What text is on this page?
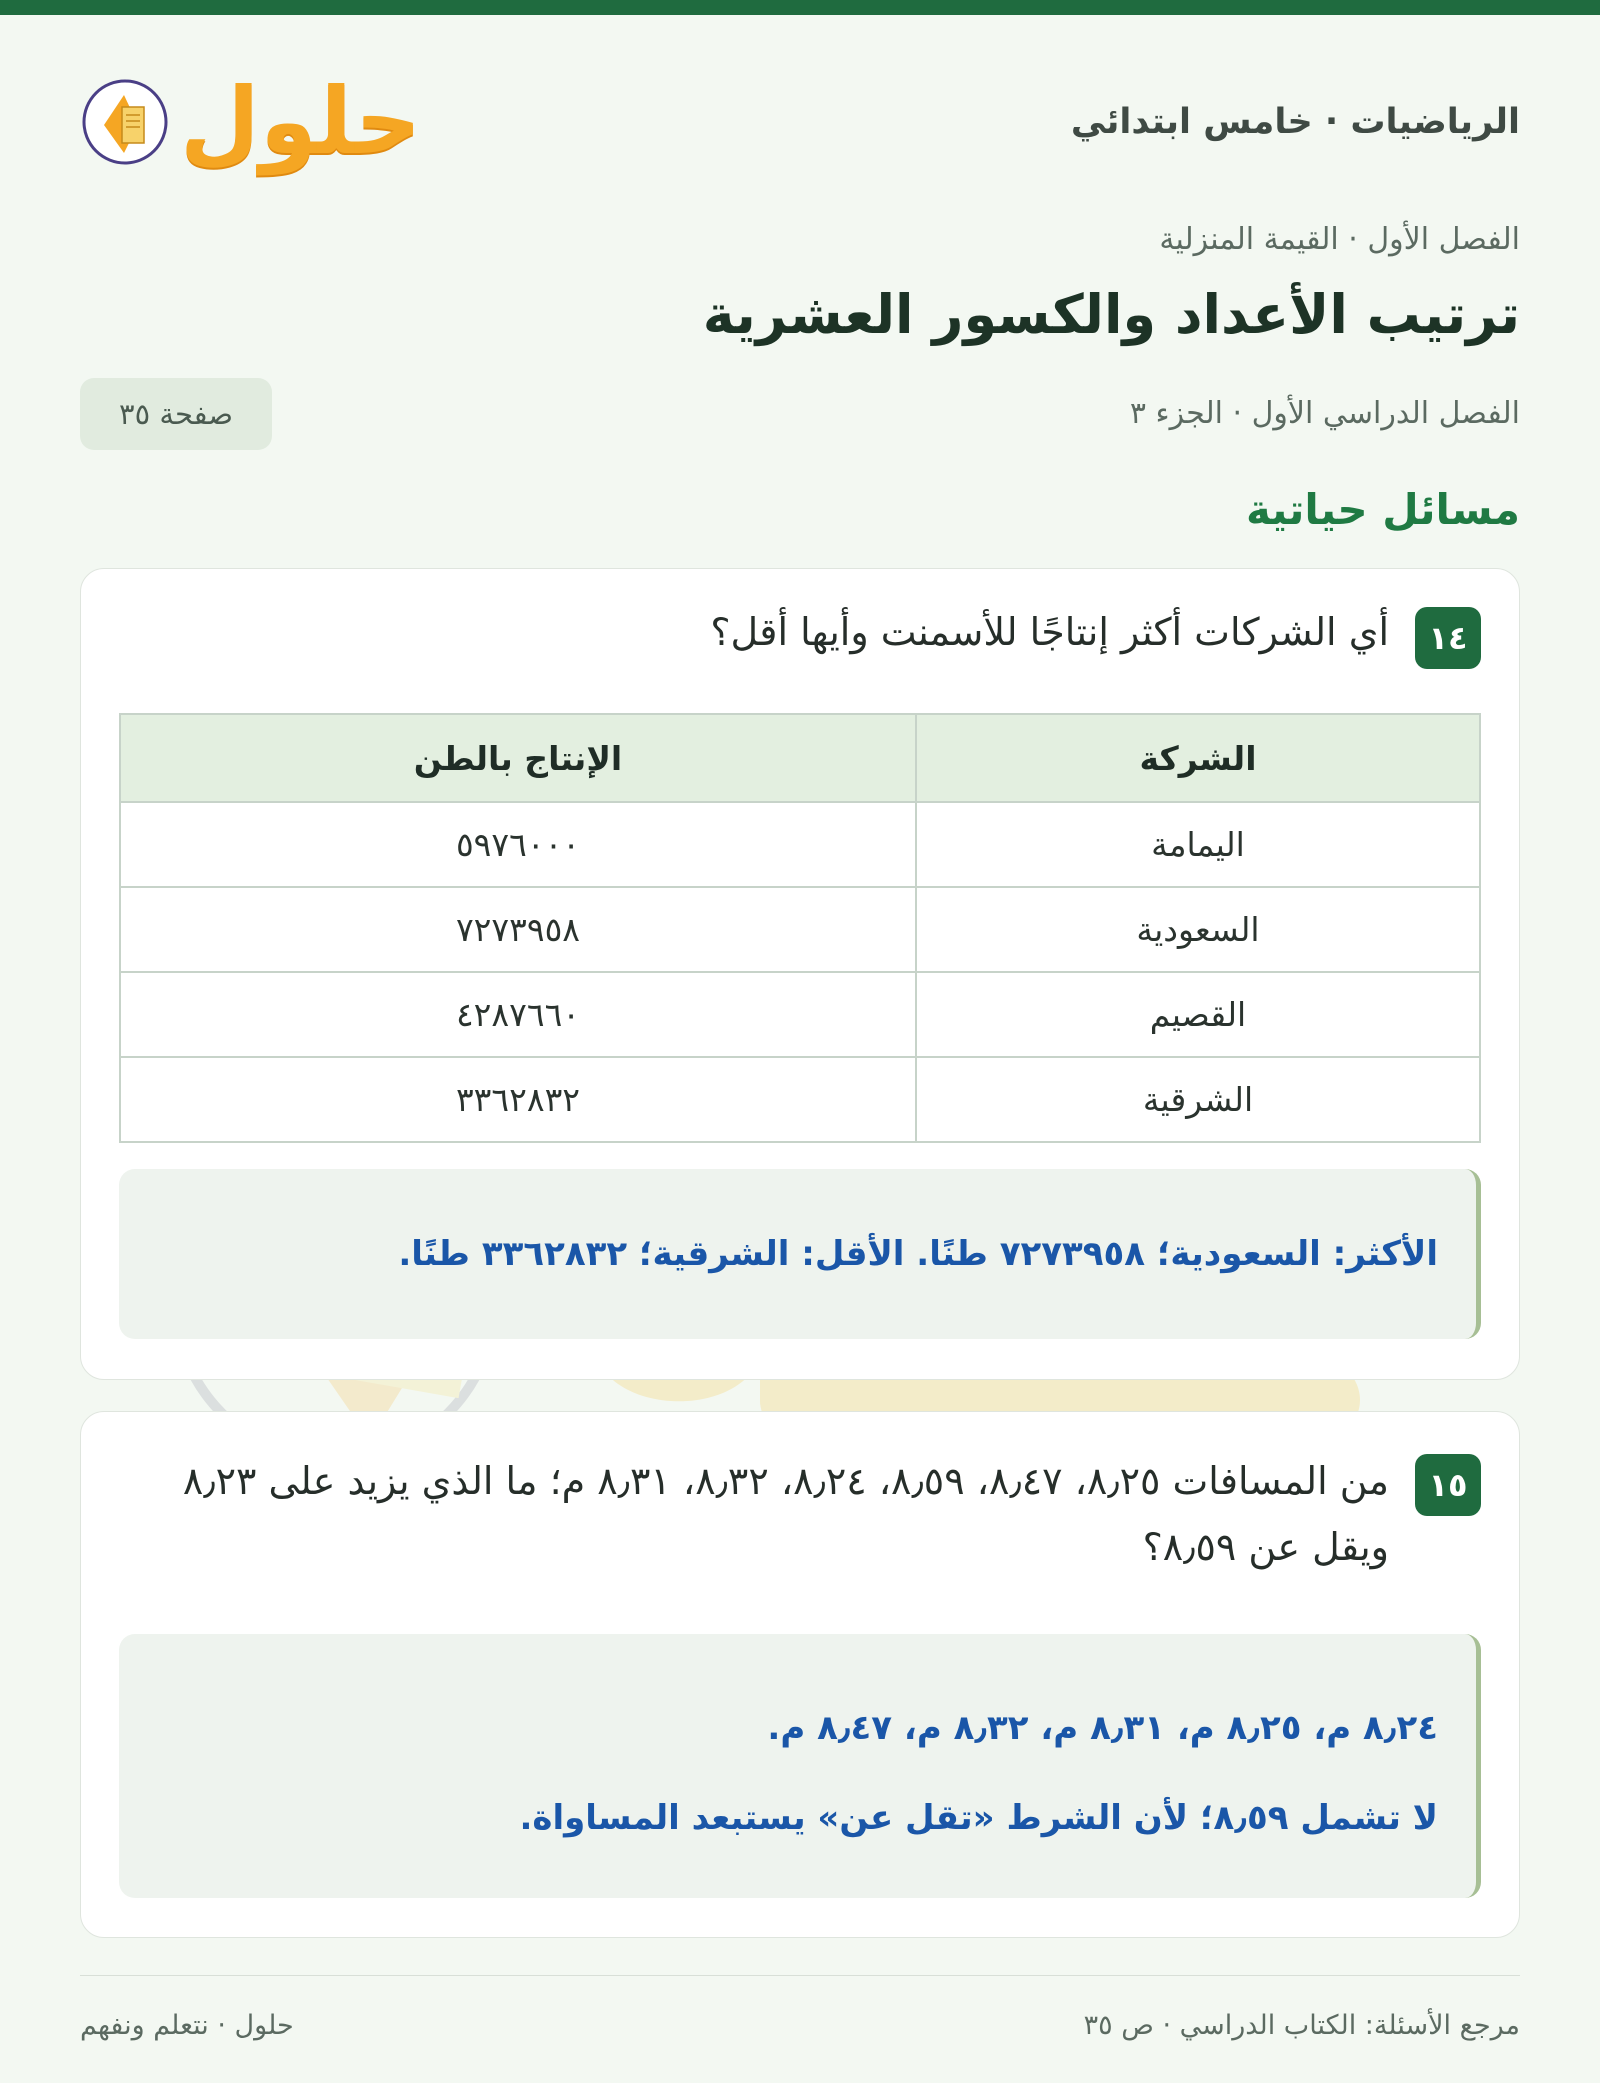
الرياضيات · خامس ابتدائي
حلول
الفصل الأول · القيمة المنزلية
ترتيب الأعداد والكسور العشرية
الفصل الدراسي الأول · الجزء ٣
صفحة ٣٥
مسائل حياتية
١٤
أي الشركات أكثر إنتاجًا للأسمنت وأيها أقل؟
الشركة	الإنتاج بالطن
اليمامة	٥٩٧٦٠٠٠
السعودية	٧٢٧٣٩٥٨
القصيم	٤٢٨٧٦٦٠
الشرقية	٣٣٦٢٨٣٢
الأكثر: السعودية؛ ٧٢٧٣٩٥٨ طنًا. الأقل: الشرقية؛ ٣٣٦٢٨٣٢ طنًا.
١٥
من المسافات ٨٫٢٥، ٨٫٤٧، ٨٫٥٩، ٨٫٢٤، ٨٫٣٢، ٨٫٣١ م؛ ما الذي يزيد على ٨٫٢٣ ويقل عن ٨٫٥٩؟
٨٫٢٤ م، ٨٫٢٥ م، ٨٫٣١ م، ٨٫٣٢ م، ٨٫٤٧ م.
لا تشمل ٨٫٥٩؛ لأن الشرط «تقل عن» يستبعد المساواة.
مرجع الأسئلة: الكتاب الدراسي · ص ٣٥
حلول · نتعلم ونفهم
